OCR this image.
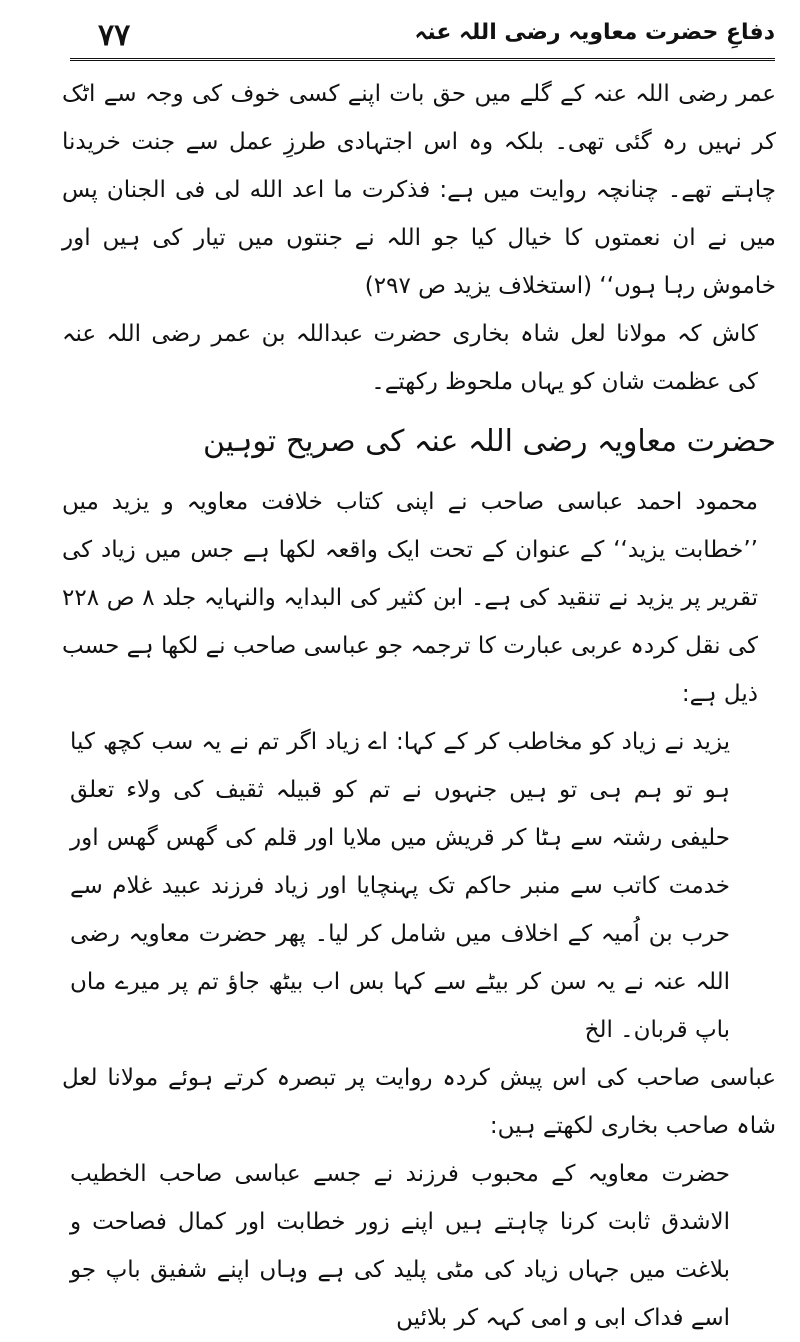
۷۷	دفاعِ حضرت معاویہ رضی اللہ عنہ

عمر رضی اللہ عنہ کے گلے میں حق بات اپنے کسی خوف کی وجہ سے اٹک کر نہیں رہ گئی تھی۔ بلکہ وہ اس اجتہادی طرزِ عمل سے جنت خریدنا چاہتے تھے۔ چنانچہ روایت میں ہے: فذکرت ما اعد الله لی فی الجنان پس میں نے ان نعمتوں کا خیال کیا جو اللہ نے جنتوں میں تیار کی ہیں اور خاموش رہا ہوں‘‘ (استخلاف یزید ص ۲۹۷)

کاش کہ مولانا لعل شاہ بخاری حضرت عبداللہ بن عمر رضی اللہ عنہ کی عظمت شان کو یہاں ملحوظ رکھتے۔

حضرت معاویہ رضی اللہ عنہ کی صریح توہین

محمود احمد عباسی صاحب نے اپنی کتاب خلافت معاویہ و یزید میں ’’خطابت یزید‘‘ کے عنوان کے تحت ایک واقعہ لکھا ہے جس میں زیاد کی تقریر پر یزید نے تنقید کی ہے۔ ابن کثیر کی البدایہ والنہایہ جلد ۸ ص ۲۲۸ کی نقل کردہ عربی عبارت کا ترجمہ جو عباسی صاحب نے لکھا ہے حسب ذیل ہے:

یزید نے زیاد کو مخاطب کر کے کہا: اے زیاد اگر تم نے یہ سب کچھ کیا ہو تو ہم ہی تو ہیں جنہوں نے تم کو قبیلہ ثقیف کی ولاء تعلق حلیفی رشتہ سے ہٹا کر قریش میں ملایا اور قلم کی گھس گھس اور خدمت کاتب سے منبر حاکم تک پہنچایا اور زیاد فرزند عبید غلام سے حرب بن اُمیہ کے اخلاف میں شامل کر لیا۔ پھر حضرت معاویہ رضی اللہ عنہ نے یہ سن کر بیٹے سے کہا بس اب بیٹھ جاؤ تم پر میرے ماں باپ قربان۔ الخ

عباسی صاحب کی اس پیش کردہ روایت پر تبصرہ کرتے ہوئے مولانا لعل شاہ صاحب بخاری لکھتے ہیں:

حضرت معاویہ کے محبوب فرزند نے جسے عباسی صاحب الخطیب الاشدق ثابت کرنا چاہتے ہیں اپنے زور خطابت اور کمال فصاحت و بلاغت میں جہاں زیاد کی مٹی پلید کی ہے وہاں اپنے شفیق باپ جو اسے فداک ابی و امی کہہ کر بلائیں
